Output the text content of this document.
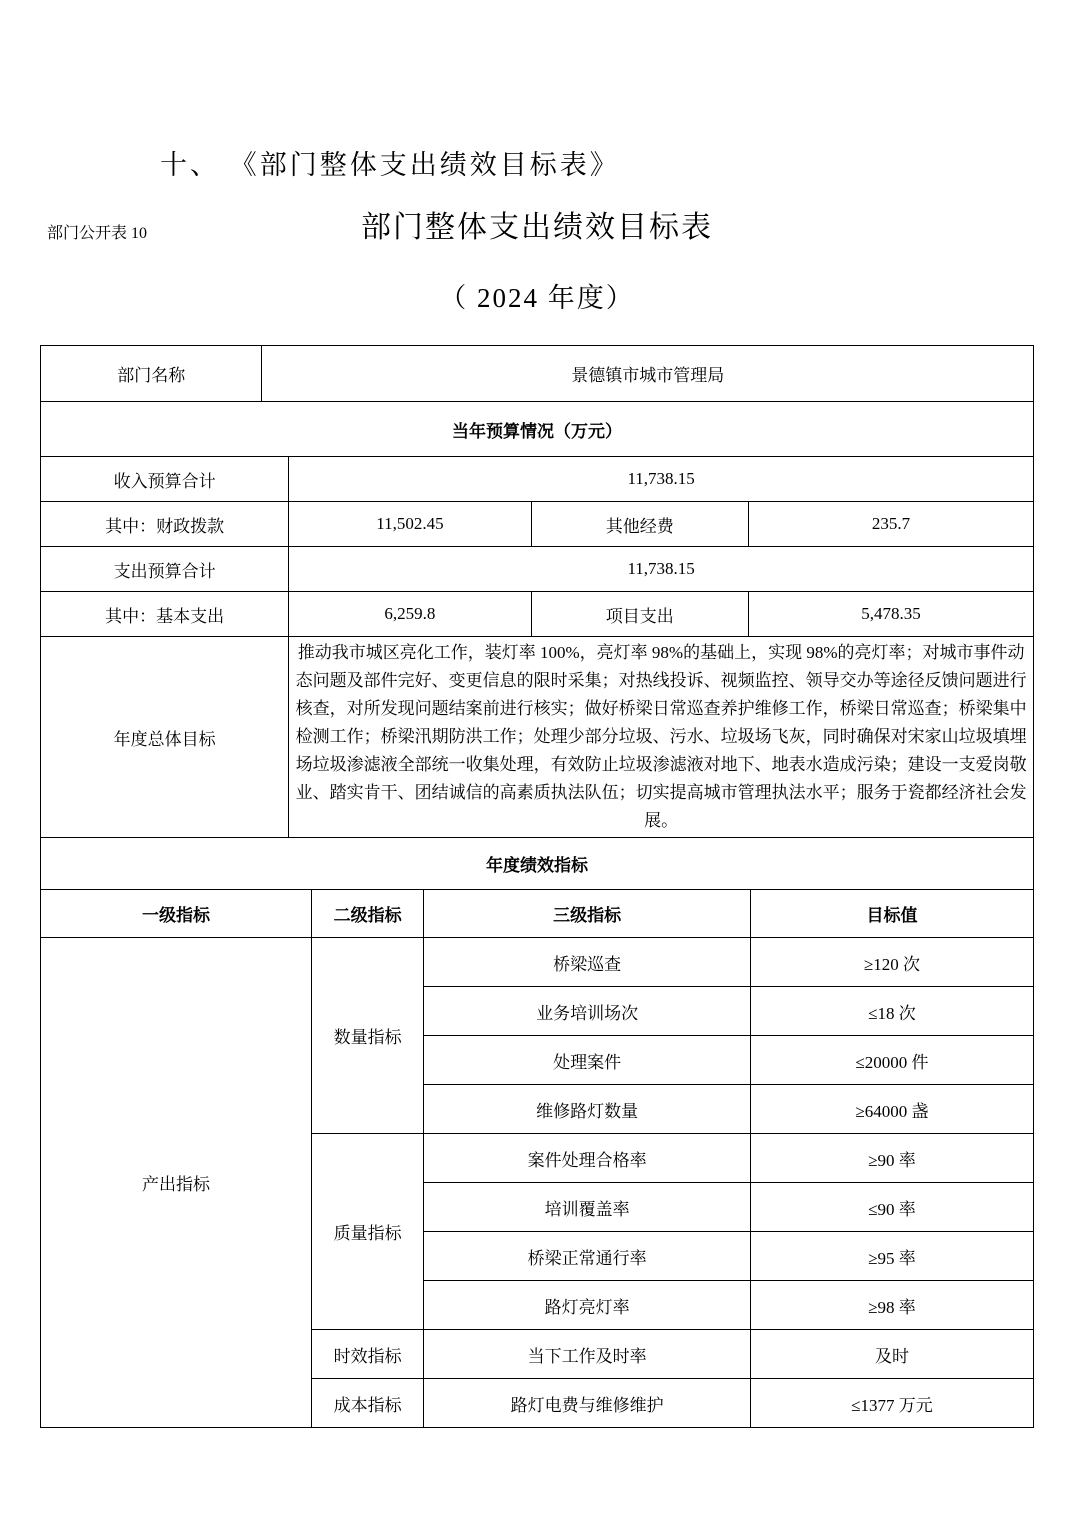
十、 《部门整体支出绩效目标表》
部门公开表 10	部门整体支出绩效目标表
（ 2024 年度）
部门名称	景德镇市城市管理局
当年预算情况（万元）
收入预算合计	11,738.15		
其中：财政拨款	11,502.45	其他经费	235.7
支出预算合计	11,738.15		
其中：基本支出	6,259.8	项目支出	5,478.35
年度总体目标	推动我市城区亮化工作，装灯率 100%，亮灯率 98%的基础上，实现 98%的亮灯率；对城市事件动态问题及部件完好、变更信息的限时采集；对热线投诉、视频监控、领导交办等途径反馈问题进行核查，对所发现问题结案前进行核实；做好桥梁日常巡查养护维修工作，桥梁日常巡查；桥梁集中检测工作；桥梁汛期防洪工作；处理少部分垃圾、污水、垃圾场飞灰，同时确保对宋家山垃圾填埋场垃圾渗滤液全部统一收集处理，有效防止垃圾渗滤液对地下、地表水造成污染；建设一支爱岗敬业、踏实肯干、团结诚信的高素质执法队伍；切实提高城市管理执法水平；服务于瓷都经济社会发展。
年度绩效指标
一级指标	二级指标	三级指标	目标值
产出指标	数量指标	桥梁巡查	≥120 次
		业务培训场次	≤18 次
		处理案件	≤20000 件
		维修路灯数量	≥64000 盏
	质量指标	案件处理合格率	≥90 率
		培训覆盖率	≤90 率
		桥梁正常通行率	≥95 率
		路灯亮灯率	≥98 率
	时效指标	当下工作及时率	及时
	成本指标	路灯电费与维修维护	≤1377 万元
